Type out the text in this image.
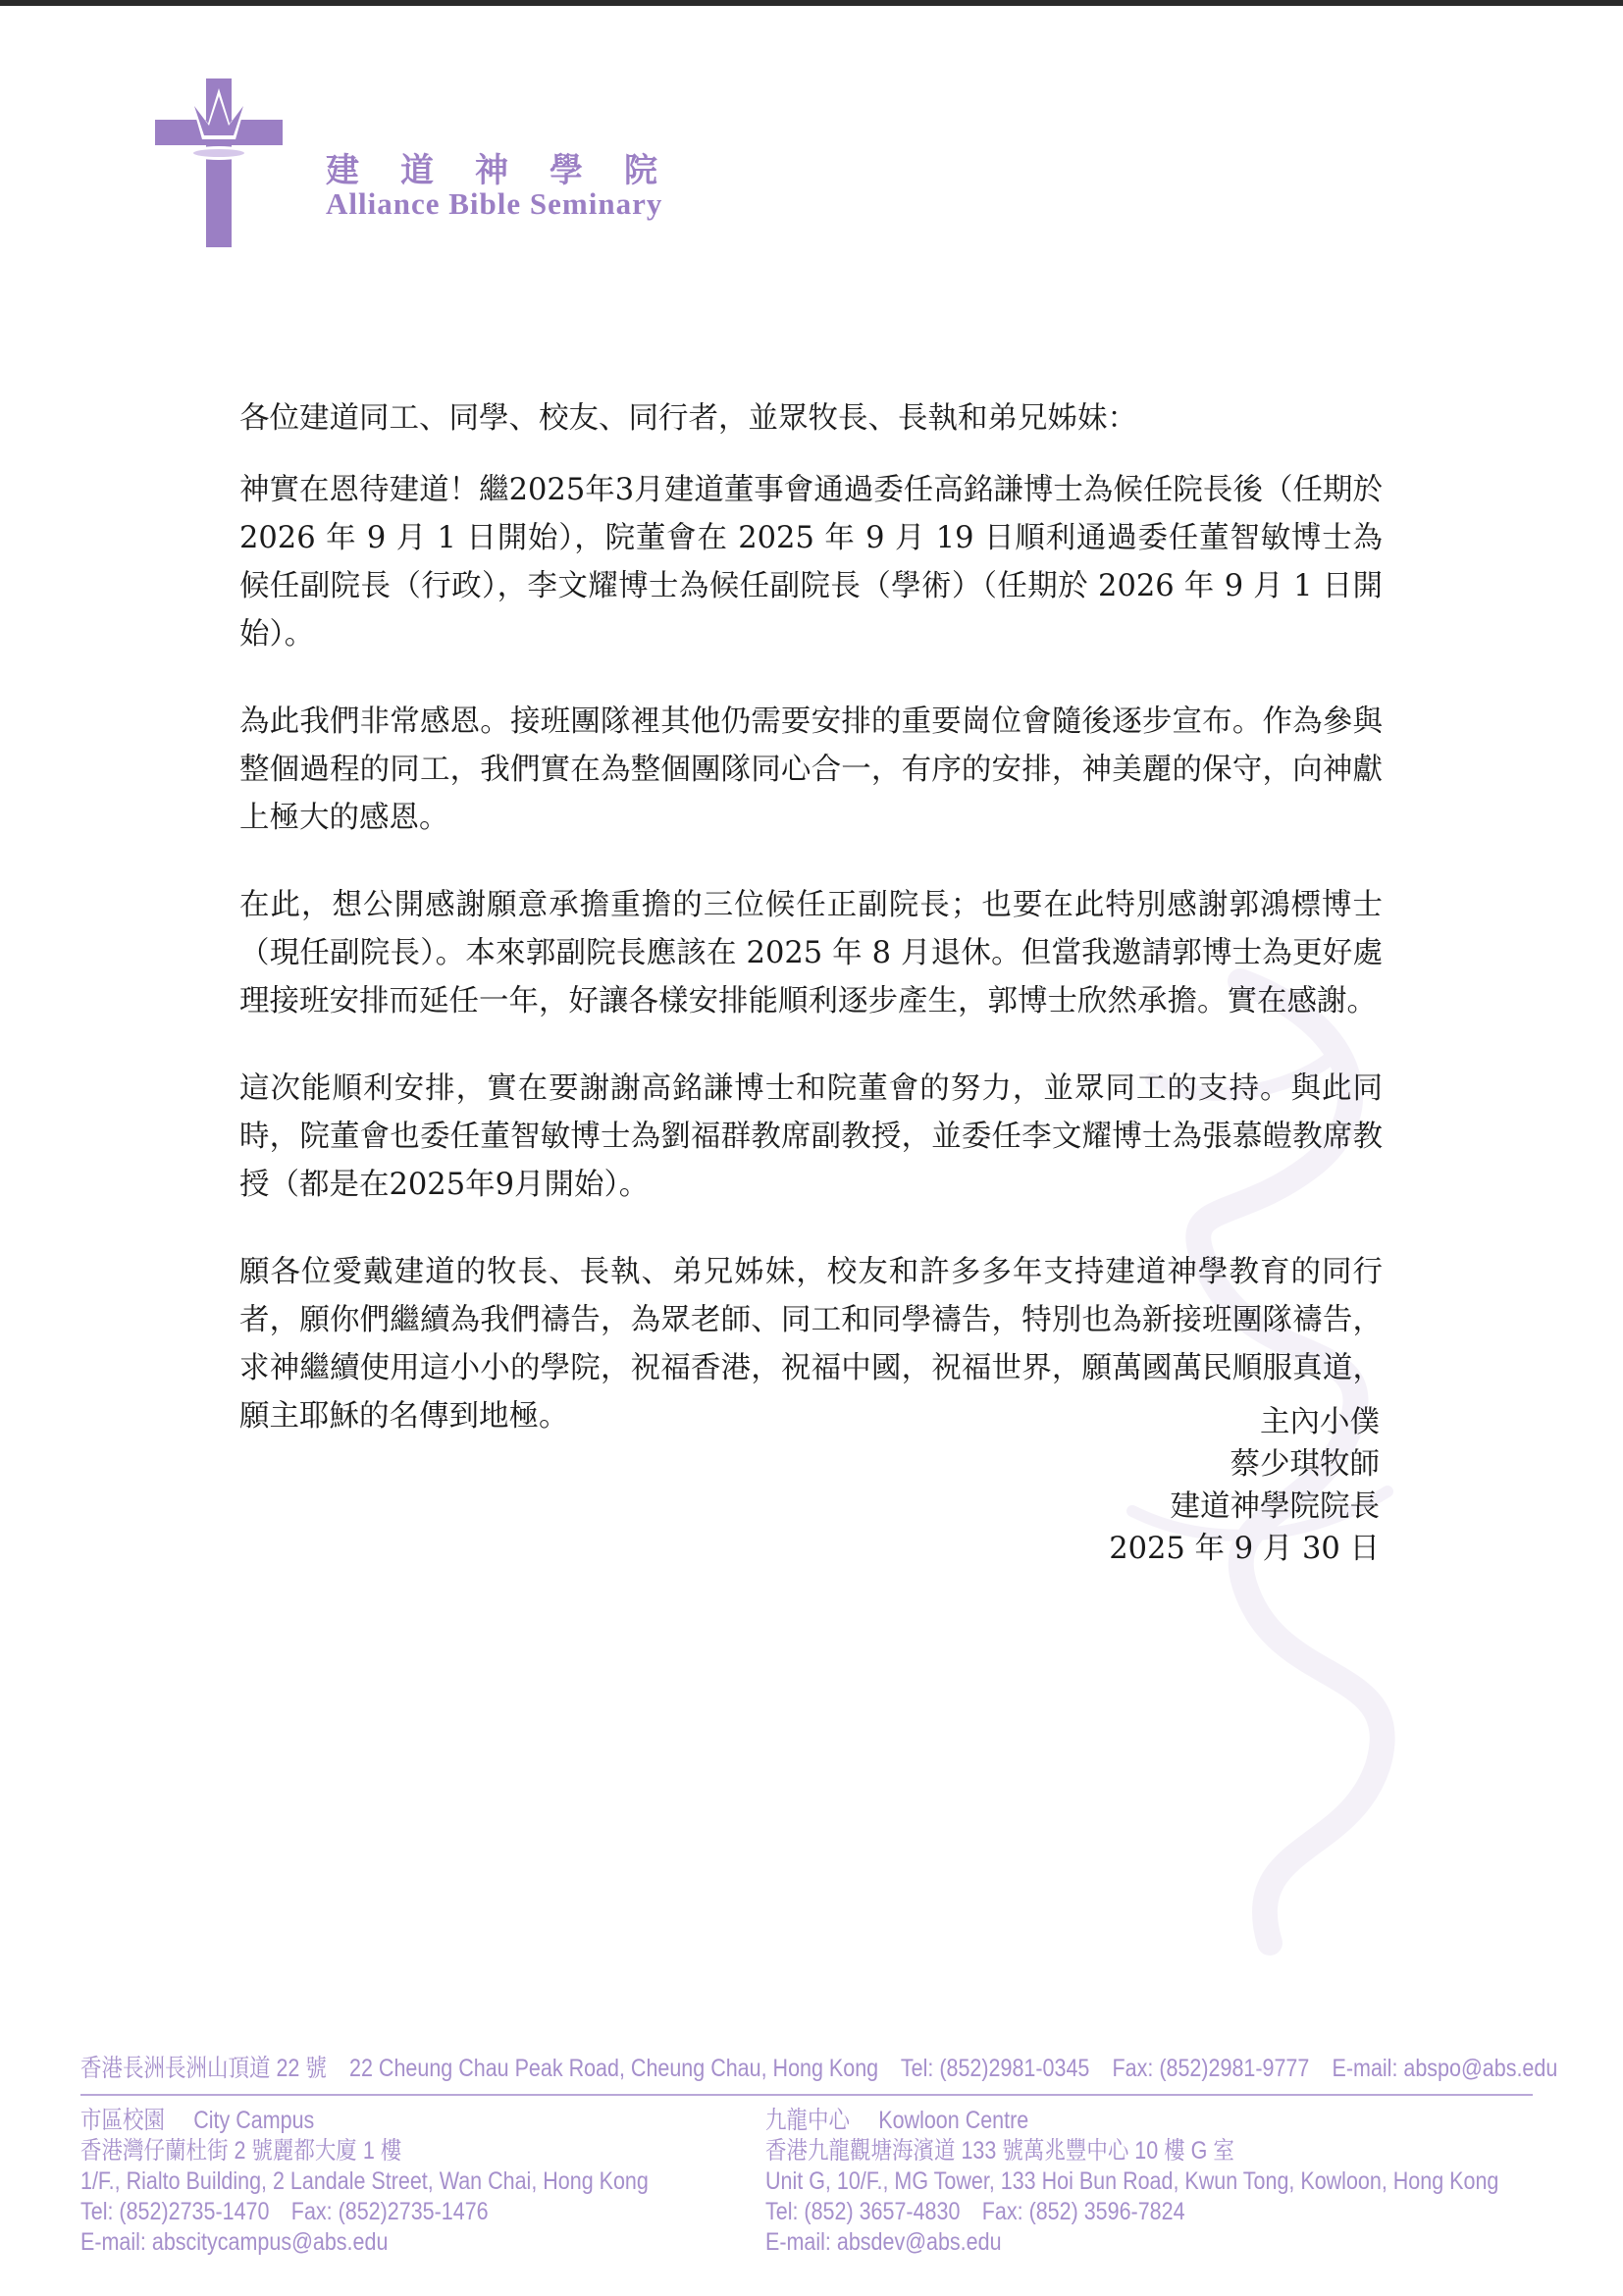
建道神學院
Alliance Bible Seminary

各位建道同工、同學、校友、同行者，並眾牧長、長執和弟兄姊妹：

神實在恩待建道！繼2025年3月建道董事會通過委任高銘謙博士為候任院長後（任期於 2026 年 9 月 1 日開始），院董會在 2025 年 9 月 19 日順利通過委任董智敏博士為候任副院長（行政），李文耀博士為候任副院長（學術）（任期於 2026 年 9 月 1 日開始）。

為此我們非常感恩。接班團隊裡其他仍需要安排的重要崗位會隨後逐步宣布。作為參與整個過程的同工，我們實在為整個團隊同心合一，有序的安排，神美麗的保守，向神獻上極大的感恩。

在此，想公開感謝願意承擔重擔的三位候任正副院長；也要在此特別感謝郭鴻標博士（現任副院長）。本來郭副院長應該在 2025 年 8 月退休。但當我邀請郭博士為更好處理接班安排而延任一年，好讓各樣安排能順利逐步產生，郭博士欣然承擔。實在感謝。

這次能順利安排，實在要謝謝高銘謙博士和院董會的努力，並眾同工的支持。與此同時，院董會也委任董智敏博士為劉福群教席副教授，並委任李文耀博士為張慕皚教席教授（都是在2025年9月開始）。

願各位愛戴建道的牧長、長執、弟兄姊妹，校友和許多多年支持建道神學教育的同行者，願你們繼續為我們禱告，為眾老師、同工和同學禱告，特別也為新接班團隊禱告，求神繼續使用這小小的學院，祝福香港，祝福中國，祝福世界，願萬國萬民順服真道，願主耶穌的名傳到地極。	主內小僕
蔡少琪牧師
建道神學院院長
2025 年 9 月 30 日
香港長洲長洲山頂道 22 號 22 Cheung Chau Peak Road, Cheung Chau, Hong Kong Tel: (852)2981-0345 Fax: (852)2981-9777 E-mail: abspo@abs.edu
市區校園 City Campus
香港灣仔蘭杜街 2 號麗都大廈 1 樓
1/F., Rialto Building, 2 Landale Street, Wan Chai, Hong Kong
Tel: (852)2735-1470 Fax: (852)2735-1476
E-mail: abscitycampus@abs.edu
九龍中心 Kowloon Centre
香港九龍觀塘海濱道 133 號萬兆豐中心 10 樓 G 室
Unit G, 10/F., MG Tower, 133 Hoi Bun Road, Kwun Tong, Kowloon, Hong Kong
Tel: (852) 3657-4830 Fax: (852) 3596-7824
E-mail: absdev@abs.edu
